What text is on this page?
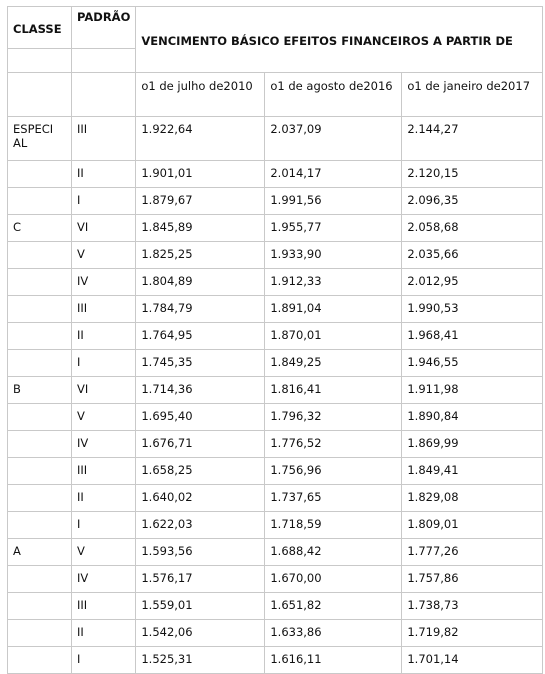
CLASSE	PADRÃO	VENCIMENTO BÁSICO EFEITOS FINANCEIROS A PARTIR DE		

		o1 de julho de2010	o1 de agosto de2016	o1 de janeiro de2017

ESPECIAL	III	1.922,64	2.037,09	2.144,27

	II	1.901,01	2.014,17	2.120,15

	I	1.879,67	1.991,56	2.096,35

C	VI	1.845,89	1.955,77	2.058,68

	V	1.825,25	1.933,90	2.035,66

	IV	1.804,89	1.912,33	2.012,95

	III	1.784,79	1.891,04	1.990,53

	II	1.764,95	1.870,01	1.968,41

	I	1.745,35	1.849,25	1.946,55

B	VI	1.714,36	1.816,41	1.911,98

	V	1.695,40	1.796,32	1.890,84

	IV	1.676,71	1.776,52	1.869,99

	III	1.658,25	1.756,96	1.849,41

	II	1.640,02	1.737,65	1.829,08

	I	1.622,03	1.718,59	1.809,01

A	V	1.593,56	1.688,42	1.777,26

	IV	1.576,17	1.670,00	1.757,86

	III	1.559,01	1.651,82	1.738,73

	II	1.542,06	1.633,86	1.719,82

	I	1.525,31	1.616,11	1.701,14
